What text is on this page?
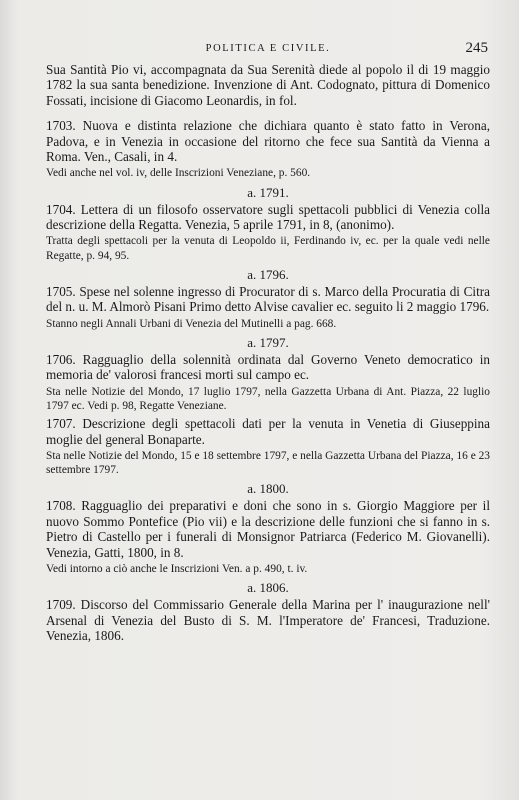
POLITICA E CIVILE.	245

Sua Santità Pio vi, accompagnata da Sua Serenità diede al popolo il di 19 maggio 1782 la sua santa benedizione. Invenzione di Ant. Codognato, pittura di Domenico Fossati, incisione di Giacomo Leonardis, in fol.

1703. Nuova e distinta relazione che dichiara quanto è stato fatto in Verona, Padova, e in Venezia in occasione del ritorno che fece sua Santità da Vienna a Roma. Ven., Casali, in 4.

Vedi anche nel vol. iv, delle Inscrizioni Veneziane, p. 560.

a. 1791.

1704. Lettera di un filosofo osservatore sugli spettacoli pubblici di Venezia colla descrizione della Regatta. Venezia, 5 aprile 1791, in 8, (anonimo).

Tratta degli spettacoli per la venuta di Leopoldo ii, Ferdinando iv, ec. per la quale vedi nelle Regatte, p. 94, 95.

a. 1796.

1705. Spese nel solenne ingresso di Procurator di s. Marco della Procuratia di Citra del n. u. M. Almorò Pisani Primo detto Alvise cavalier ec. seguito li 2 maggio 1796.

Stanno negli Annali Urbani di Venezia del Mutinelli a pag. 668.

a. 1797.

1706. Ragguaglio della solennità ordinata dal Governo Veneto democratico in memoria de' valorosi francesi morti sul campo ec.

Sta nelle Notizie del Mondo, 17 luglio 1797, nella Gazzetta Urbana di Ant. Piazza, 22 luglio 1797 ec. Vedi p. 98, Regatte Veneziane.

1707. Descrizione degli spettacoli dati per la venuta in Venetia di Giuseppina moglie del general Bonaparte.

Sta nelle Notizie del Mondo, 15 e 18 settembre 1797, e nella Gazzetta Urbana del Piazza, 16 e 23 settembre 1797.

a. 1800.

1708. Ragguaglio dei preparativi e doni che sono in s. Giorgio Maggiore per il nuovo Sommo Pontefice (Pio vii) e la descrizione delle funzioni che si fanno in s. Pietro di Castello per i funerali di Monsignor Patriarca (Federico M. Giovanelli). Venezia, Gatti, 1800, in 8.

Vedi intorno a ciò anche le Inscrizioni Ven. a p. 490, t. iv.

a. 1806.

1709. Discorso del Commissario Generale della Marina per l' inaugurazione nell' Arsenal di Venezia del Busto di S. M. l'Imperatore de' Francesi, Traduzione. Venezia, 1806.
